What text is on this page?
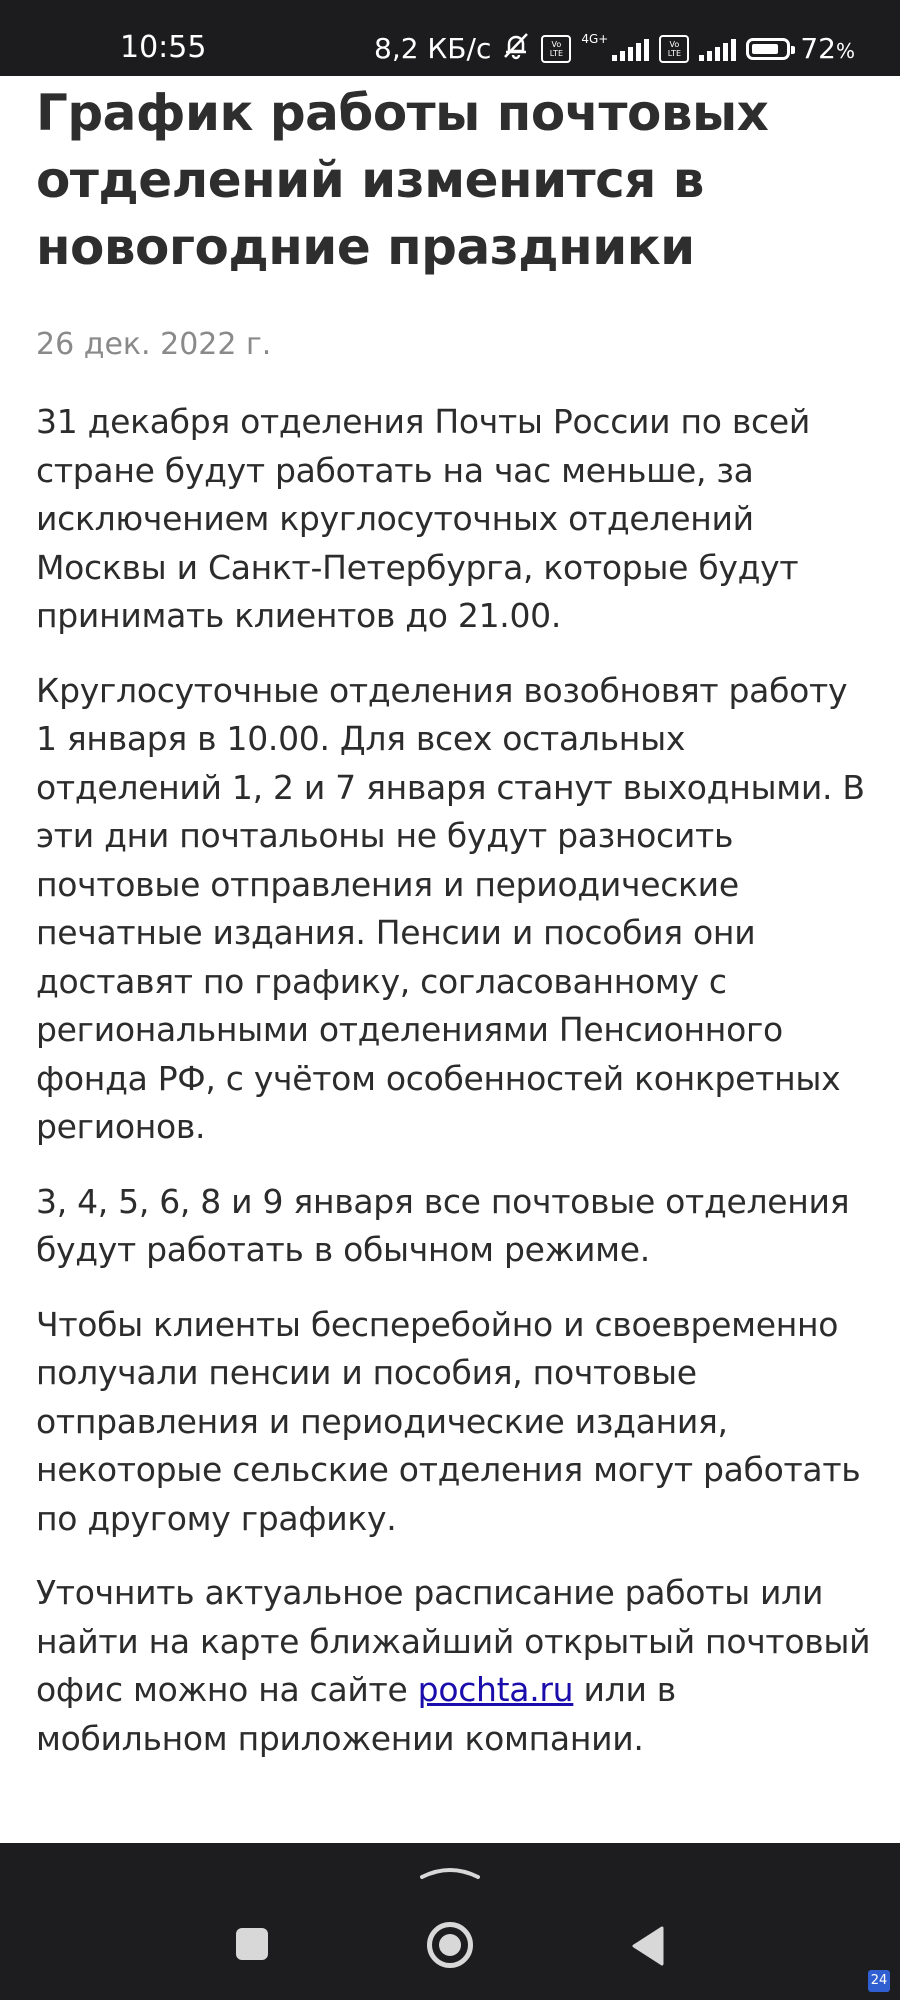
10:55	8,2 КБ/с	Vo
LTE
4G+	Vo
LTE	72%
График работы почтовых отделений изменится в новогодние праздники
26 дек. 2022 г.

31 декабря отделения Почты России по всей стране будут работать на час меньше, за исключением круглосуточных отделений Москвы и Санкт-Петербурга, которые будут принимать клиентов до 21.00.

Круглосуточные отделения возобновят работу 1 января в 10.00. Для всех остальных отделений 1, 2 и 7 января станут выходными. В эти дни почтальоны не будут разносить почтовые отправления и периодические печатные издания. Пенсии и пособия они доставят по графику, согласованному с региональными отделениями Пенсионного фонда РФ, с учётом особенностей конкретных регионов.

3, 4, 5, 6, 8 и 9 января все почтовые отделения будут работать в обычном режиме.

Чтобы клиенты бесперебойно и своевременно получали пенсии и пособия, почтовые отправления и периодические издания, некоторые сельские отделения могут работать по другому графику.

Уточнить актуальное расписание работы или найти на карте ближайший открытый почтовый офис можно на сайте pochta.ru или в мобильном приложении компании.

24
